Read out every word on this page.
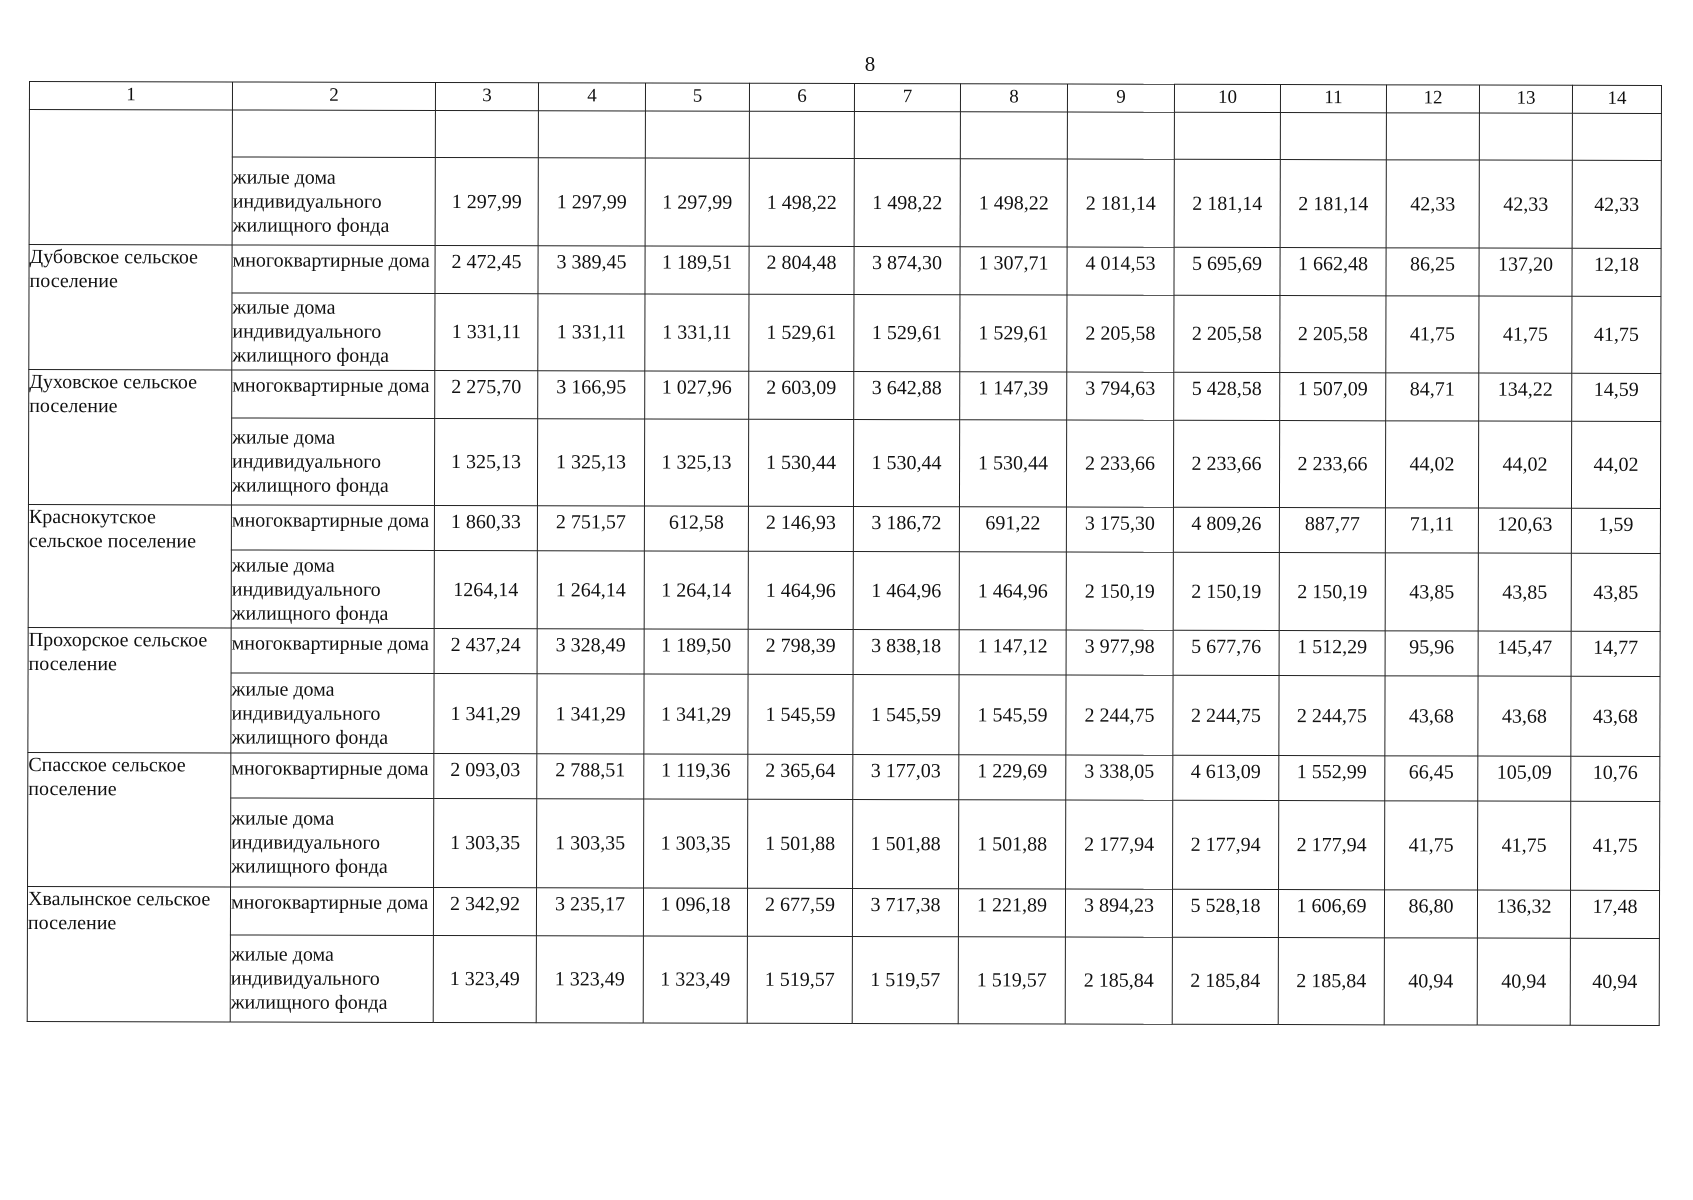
8
1	2	3	4	5	6	7	8	9	10	11	12	13	14

	жилые дома индивидуального жилищного фонда	1 297,99	1 297,99	1 297,99	1 498,22	1 498,22	1 498,22	2 181,14	2 181,14	2 181,14	42,33	42,33	42,33

Дубовское сельское поселение	многоквартирные дома	2 472,45	3 389,45	1 189,51	2 804,48	3 874,30	1 307,71	4 014,53	5 695,69	1 662,48	86,25	137,20	12,18
	жилые дома индивидуального жилищного фонда	1 331,11	1 331,11	1 331,11	1 529,61	1 529,61	1 529,61	2 205,58	2 205,58	2 205,58	41,75	41,75	41,75

Духовское сельское поселение	многоквартирные дома	2 275,70	3 166,95	1 027,96	2 603,09	3 642,88	1 147,39	3 794,63	5 428,58	1 507,09	84,71	134,22	14,59
	жилые дома индивидуального жилищного фонда	1 325,13	1 325,13	1 325,13	1 530,44	1 530,44	1 530,44	2 233,66	2 233,66	2 233,66	44,02	44,02	44,02

Краснокутское сельское поселение	многоквартирные дома	1 860,33	2 751,57	612,58	2 146,93	3 186,72	691,22	3 175,30	4 809,26	887,77	71,11	120,63	1,59
	жилые дома индивидуального жилищного фонда	1264,14	1 264,14	1 264,14	1 464,96	1 464,96	1 464,96	2 150,19	2 150,19	2 150,19	43,85	43,85	43,85

Прохорское сельское поселение	многоквартирные дома	2 437,24	3 328,49	1 189,50	2 798,39	3 838,18	1 147,12	3 977,98	5 677,76	1 512,29	95,96	145,47	14,77
	жилые дома индивидуального жилищного фонда	1 341,29	1 341,29	1 341,29	1 545,59	1 545,59	1 545,59	2 244,75	2 244,75	2 244,75	43,68	43,68	43,68

Спасское сельское поселение	многоквартирные дома	2 093,03	2 788,51	1 119,36	2 365,64	3 177,03	1 229,69	3 338,05	4 613,09	1 552,99	66,45	105,09	10,76
	жилые дома индивидуального жилищного фонда	1 303,35	1 303,35	1 303,35	1 501,88	1 501,88	1 501,88	2 177,94	2 177,94	2 177,94	41,75	41,75	41,75

Хвалынское сельское поселение	многоквартирные дома	2 342,92	3 235,17	1 096,18	2 677,59	3 717,38	1 221,89	3 894,23	5 528,18	1 606,69	86,80	136,32	17,48
	жилые дома индивидуального жилищного фонда	1 323,49	1 323,49	1 323,49	1 519,57	1 519,57	1 519,57	2 185,84	2 185,84	2 185,84	40,94	40,94	40,94
